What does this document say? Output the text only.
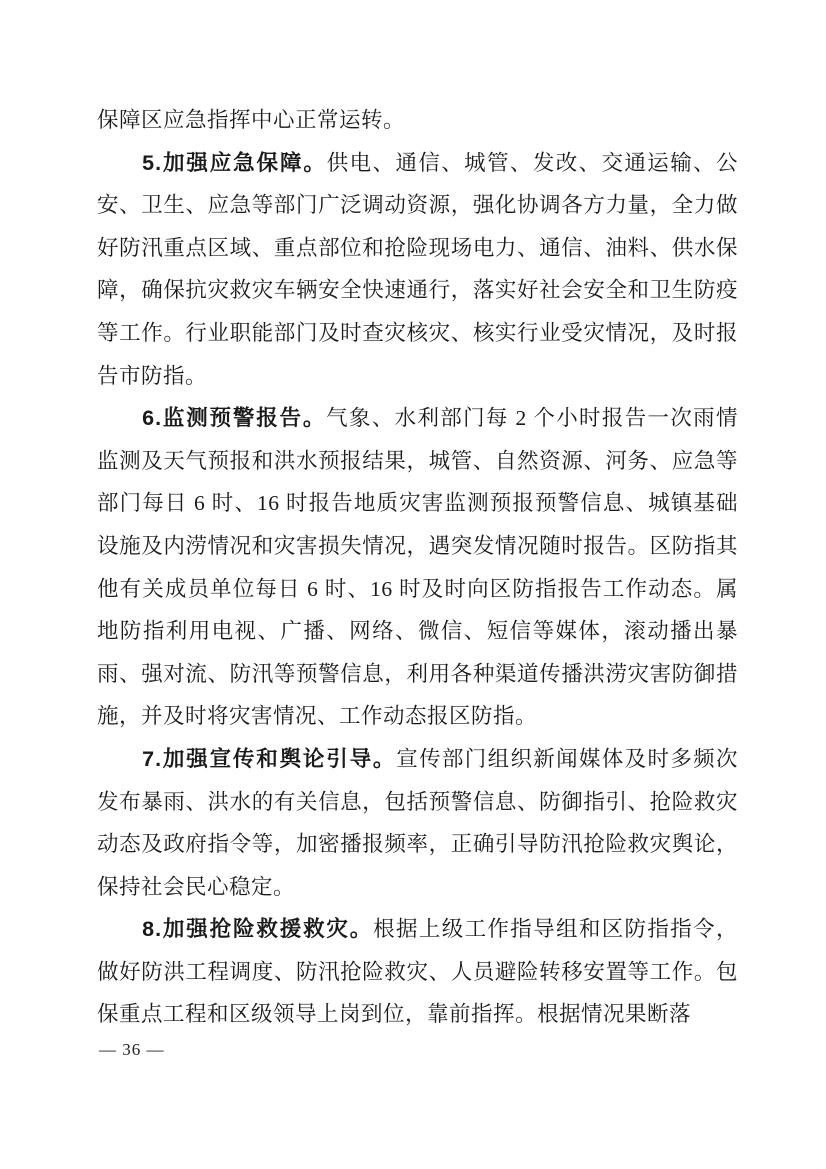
保障区应急指挥中心正常运转。

5.加强应急保障。供电、通信、城管、发改、交通运输、公安、卫生、应急等部门广泛调动资源，强化协调各方力量，全力做好防汛重点区域、重点部位和抢险现场电力、通信、油料、供水保障，确保抗灾救灾车辆安全快速通行，落实好社会安全和卫生防疫等工作。行业职能部门及时查灾核灾、核实行业受灾情况，及时报告市防指。

6.监测预警报告。气象、水利部门每 2 个小时报告一次雨情监测及天气预报和洪水预报结果，城管、自然资源、河务、应急等部门每日 6 时、16 时报告地质灾害监测预报预警信息、城镇基础设施及内涝情况和灾害损失情况，遇突发情况随时报告。区防指其他有关成员单位每日 6 时、16 时及时向区防指报告工作动态。属地防指利用电视、广播、网络、微信、短信等媒体，滚动播出暴雨、强对流、防汛等预警信息，利用各种渠道传播洪涝灾害防御措施，并及时将灾害情况、工作动态报区防指。

7.加强宣传和舆论引导。宣传部门组织新闻媒体及时多频次发布暴雨、洪水的有关信息，包括预警信息、防御指引、抢险救灾动态及政府指令等，加密播报频率，正确引导防汛抢险救灾舆论，保持社会民心稳定。

8.加强抢险救援救灾。根据上级工作指导组和区防指指令，做好防洪工程调度、防汛抢险救灾、人员避险转移安置等工作。包保重点工程和区级领导上岗到位，靠前指挥。根据情况果断落

— 36 —
